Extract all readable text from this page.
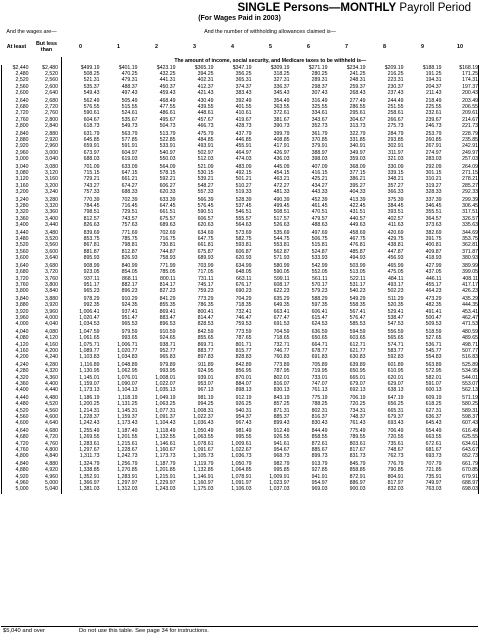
SINGLE Persons—MONTHLY Payroll Period
(For Wages Paid in 2003)
And the wages are—		And the number of withholding allowances claimed is—										
At least	But less than	0	1	2	3	4	5	6	7	8	9	10
		The amount of income, social security, and Medicare taxes to be withheld is—										
$2,440	$2,480	$499.19	$401.19	$423.19	$365.19	$347.19	$309.19	$271.19	$234.19	$209.19	$188.19	$168.19
2,480	2,520	508.25	470.25	432.25	394.25	356.25	318.25	280.25	241.25	216.25	191.25	171.25
2,520	2,560	521.31	479.31	441.31	402.31	365.31	327.31	289.31	248.31	223.31	194.31	174.31
2,560	2,600	535.37	488.37	450.37	412.37	374.37	336.37	298.37	259.37	230.37	204.37	197.37
2,600	2,640	549.43	497.43	459.43	421.43	383.43	345.43	307.43	268.43	237.43	211.43	200.43
2,640	2,680	562.49	505.49	468.49	430.49	392.49	354.49	316.49	277.49	244.49	218.49	203.49
2,680	2,720	576.55	515.55	477.55	439.55	401.55	363.55	325.55	286.55	251.55	225.55	206.55
2,720	2,760	590.61	524.61	486.61	448.61	410.61	372.61	334.61	295.61	258.61	232.61	209.61
2,760	2,800	604.67	535.67	495.67	457.67	419.67	381.67	343.67	304.67	266.67	239.67	214.67
2,800	2,840	618.73	549.73	504.73	466.73	428.73	390.73	352.73	313.73	275.73	246.73	221.73
2,840	2,880	631.79	563.79	513.79	475.79	437.79	399.79	361.79	322.79	284.79	253.79	228.79
2,880	2,920	645.85	577.85	522.85	484.85	446.85	408.85	370.85	331.85	293.85	260.85	235.85
2,920	2,960	659.91	591.91	533.91	493.91	455.91	417.91	379.91	340.91	302.91	267.91	242.91
2,960	3,000	673.97	604.97	540.97	502.97	464.97	426.97	388.97	349.97	311.97	274.97	249.97
3,000	3,040	688.03	619.03	550.03	512.03	474.03	436.03	398.03	359.03	321.03	283.03	257.03
3,040	3,080	701.09	633.09	564.09	521.09	483.09	445.09	407.09	368.09	330.09	292.09	264.09
3,080	3,120	715.15	647.15	578.15	530.15	492.15	454.15	416.15	377.15	339.15	301.15	271.15
3,120	3,160	729.21	661.21	592.21	539.21	501.21	463.21	425.21	386.21	348.21	310.21	278.21
3,160	3,200	743.27	674.27	606.27	548.27	510.27	472.27	434.27	395.27	357.27	319.27	285.27
3,200	3,240	757.33	688.33	620.33	557.33	519.33	481.33	443.33	404.33	366.33	328.33	292.33
3,240	3,280	770.39	702.39	633.39	566.39	528.39	490.39	452.39	413.39	375.39	337.39	299.39
3,280	3,320	784.45	716.45	647.45	576.45	537.45	499.45	461.45	422.45	384.45	346.45	306.45
3,320	3,360	798.51	729.51	661.51	590.51	546.51	508.51	470.51	431.51	393.51	355.51	317.51
3,360	3,400	812.57	743.57	675.57	606.57	555.57	517.57	479.57	440.57	402.57	364.57	326.57
3,400	3,440	826.63	757.63	689.63	620.63	564.63	526.63	488.63	449.63	411.63	373.63	335.63
3,440	3,480	839.69	771.69	702.69	634.69	573.69	535.69	497.69	458.69	420.69	382.69	344.69
3,480	3,520	853.75	785.75	716.75	647.75	582.75	544.75	506.75	467.75	429.75	391.75	353.75
3,520	3,560	867.81	798.81	730.81	661.81	593.81	553.81	515.81	476.81	438.81	400.81	362.81
3,560	3,600	881.87	812.87	744.87	675.87	606.87	562.87	524.87	485.87	447.87	409.87	371.87
3,600	3,640	895.93	826.93	758.93	689.93	620.93	571.93	533.93	494.93	456.93	418.93	380.93
3,640	3,680	908.99	840.99	771.99	703.99	634.99	580.99	542.99	503.99	465.99	427.99	389.99
3,680	3,720	923.05	854.05	785.05	717.05	648.05	590.05	552.05	513.05	475.05	437.05	399.05
3,720	3,760	937.11	868.11	800.11	731.11	663.11	599.11	561.11	522.11	484.11	446.11	408.11
3,760	3,800	951.17	882.17	814.17	745.17	676.17	608.17	570.17	531.17	493.17	455.17	417.17
3,800	3,840	965.23	896.23	827.23	759.23	690.23	622.23	579.23	540.23	502.23	464.23	426.23
3,840	3,880	978.29	910.29	841.29	773.29	704.29	635.29	588.29	549.29	511.29	473.29	435.29
3,880	3,920	992.35	924.35	855.35	786.35	718.35	649.35	597.35	558.35	520.35	482.35	444.35
3,920	3,960	1,006.41	937.41	869.41	800.41	732.41	663.41	606.41	567.41	529.41	491.41	453.41
3,960	4,000	1,020.47	951.47	883.47	814.47	746.47	677.47	615.47	576.47	538.47	500.47	462.47
4,000	4,040	1,034.53	965.53	896.53	828.53	759.53	691.53	624.53	585.53	547.53	509.53	471.53
4,040	4,080	1,047.59	979.59	910.59	842.59	773.59	704.59	636.59	594.59	556.59	518.59	480.59
4,080	4,120	1,061.65	993.65	924.65	855.65	787.65	718.65	650.65	603.65	565.65	527.65	489.65
4,120	4,160	1,075.71	1,006.71	938.71	869.71	801.71	732.71	664.71	612.71	574.71	536.71	498.71
4,160	4,200	1,089.77	1,020.77	952.77	883.77	815.77	746.77	678.77	621.77	583.77	545.77	507.77
4,200	4,240	1,103.83	1,034.83	965.83	897.83	828.83	760.83	691.83	630.83	592.83	554.83	516.83
4,240	4,280	1,116.89	1,048.89	979.89	911.89	842.89	773.89	705.89	639.89	601.89	563.89	525.89
4,280	4,320	1,130.95	1,062.95	993.95	924.95	856.95	787.95	719.95	650.95	610.95	572.95	534.95
4,320	4,360	1,145.01	1,076.01	1,008.01	939.01	870.01	802.01	733.01	665.01	620.01	582.01	544.01
4,360	4,400	1,159.07	1,090.07	1,022.07	953.07	884.07	816.07	747.07	679.07	629.07	591.07	553.07
4,400	4,440	1,173.13	1,104.13	1,035.13	967.13	898.13	830.13	761.13	692.13	638.13	600.13	562.13
4,440	4,480	1,186.19	1,118.19	1,049.19	981.19	912.19	843.19	775.19	706.19	647.19	609.19	571.19
4,480	4,520	1,200.25	1,131.25	1,063.25	994.25	926.25	857.25	788.25	720.25	656.25	618.25	580.25
4,520	4,560	1,214.31	1,145.31	1,077.31	1,008.31	940.31	871.31	802.31	734.31	665.31	627.31	589.31
4,560	4,600	1,228.37	1,159.37	1,091.37	1,022.37	954.37	885.37	816.37	748.37	679.37	636.37	598.37
4,600	4,640	1,242.43	1,173.43	1,104.43	1,036.43	967.43	899.43	830.43	761.43	693.43	645.43	607.43
4,640	4,680	1,255.49	1,187.49	1,118.49	1,050.49	981.49	912.49	844.49	775.49	706.49	654.49	616.49
4,680	4,720	1,269.55	1,201.55	1,132.55	1,063.55	995.55	926.55	858.55	789.55	720.55	663.55	625.55
4,720	4,760	1,283.61	1,215.61	1,146.61	1,078.61	1,009.61	941.61	872.61	803.61	735.61	672.61	634.61
4,760	4,800	1,297.67	1,228.67	1,160.67	1,091.67	1,022.67	954.67	885.67	817.67	748.67	681.67	643.67
4,800	4,840	1,311.73	1,242.73	1,173.73	1,105.73	1,036.73	968.73	899.73	831.73	762.73	693.73	652.73
4,840	4,880	1,324.79	1,256.79	1,187.79	1,119.79	1,050.79	982.79	913.79	845.79	776.79	707.79	661.79
4,880	4,920	1,338.85	1,270.85	1,201.85	1,132.85	1,064.85	995.85	927.85	858.85	790.85	721.85	670.85
4,920	4,960	1,352.91	1,283.91	1,215.91	1,146.91	1,078.91	1,009.91	941.91	872.91	804.91	735.91	679.91
4,960	5,000	1,366.97	1,297.97	1,229.97	1,160.97	1,091.97	1,023.97	954.97	886.97	817.97	749.97	688.97
5,000	5,040	1,381.03	1,312.03	1,243.03	1,175.03	1,106.03	1,037.03	969.03	900.03	832.03	763.03	698.03
$5,040 and over	Do not use this table. See page 34 for instructions.
